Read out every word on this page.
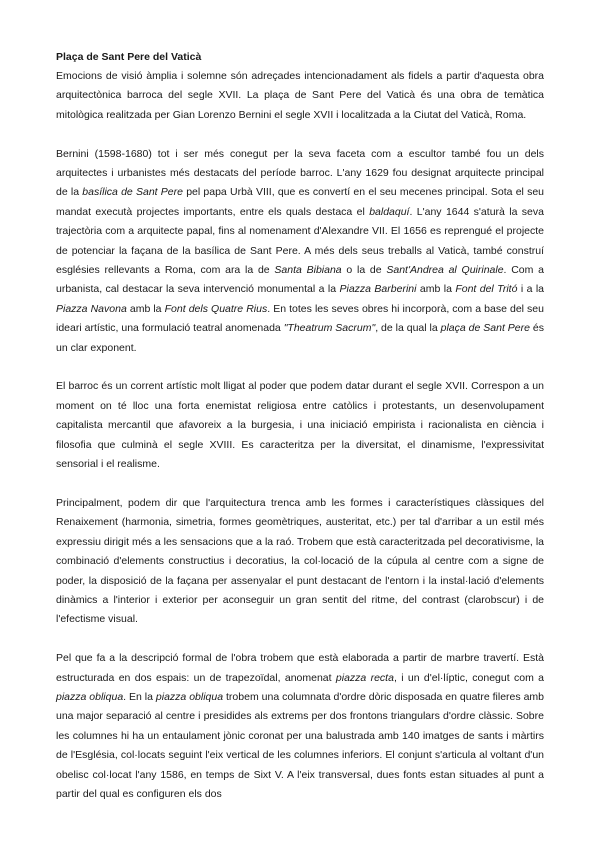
Plaça de Sant Pere del Vaticà

Emocions de visió àmplia i solemne són adreçades intencionadament als fidels a partir d'aquesta obra arquitectònica barroca del segle XVII. La plaça de Sant Pere del Vaticà és una obra de temàtica mitològica realitzada per Gian Lorenzo Bernini el segle XVII i localitzada a la Ciutat del Vaticà, Roma.

Bernini (1598-1680) tot i ser més conegut per la seva faceta com a escultor també fou un dels arquitectes i urbanistes més destacats del període barroc. L'any 1629 fou designat arquitecte principal de la basílica de Sant Pere pel papa Urbà VIII, que es convertí en el seu mecenes principal. Sota el seu mandat executà projectes importants, entre els quals destaca el baldaquí. L'any 1644 s'aturà la seva trajectòria com a arquitecte papal, fins al nomenament d'Alexandre VII. El 1656 es reprengué el projecte de potenciar la façana de la basílica de Sant Pere. A més dels seus treballs al Vaticà, també construí esglésies rellevants a Roma, com ara la de Santa Bibiana o la de Sant'Andrea al Quirinale. Com a urbanista, cal destacar la seva intervenció monumental a la Piazza Barberini amb la Font del Tritó i a la Piazza Navona amb la Font dels Quatre Rius. En totes les seves obres hi incorporà, com a base del seu ideari artístic, una formulació teatral anomenada "Theatrum Sacrum", de la qual la plaça de Sant Pere és un clar exponent.

El barroc és un corrent artístic molt lligat al poder que podem datar durant el segle XVII. Correspon a un moment on té lloc una forta enemistat religiosa entre catòlics i protestants, un desenvolupament capitalista mercantil que afavoreix a la burgesia, i una iniciació empirista i racionalista en ciència i filosofia que culminà el segle XVIII. Es caracteritza per la diversitat, el dinamisme, l'expressivitat sensorial i el realisme.

Principalment, podem dir que l'arquitectura trenca amb les formes i característiques clàssiques del Renaixement (harmonia, simetria, formes geomètriques, austeritat, etc.) per tal d'arribar a un estil més expressiu dirigit més a les sensacions que a la raó. Trobem que està caracteritzada pel decorativisme, la combinació d'elements constructius i decoratius, la col·locació de la cúpula al centre com a signe de poder, la disposició de la façana per assenyalar el punt destacant de l'entorn i la instal·lació d'elements dinàmics a l'interior i exterior per aconseguir un gran sentit del ritme, del contrast (clarobscur) i de l'efectisme visual.

Pel que fa a la descripció formal de l'obra trobem que està elaborada a partir de marbre travertí. Està estructurada en dos espais: un de trapezoïdal, anomenat piazza recta, i un d'el·líptic, conegut com a piazza obliqua. En la piazza obliqua trobem una columnata d'ordre dòric disposada en quatre fileres amb una major separació al centre i presidides als extrems per dos frontons triangulars d'ordre clàssic. Sobre les columnes hi ha un entaulament jònic coronat per una balustrada amb 140 imatges de sants i màrtirs de l'Església, col·locats seguint l'eix vertical de les columnes inferiors. El conjunt s'articula al voltant d'un obelisc col·locat l'any 1586, en temps de Sixt V. A l'eix transversal, dues fonts estan situades al punt a partir del qual es configuren els dos
